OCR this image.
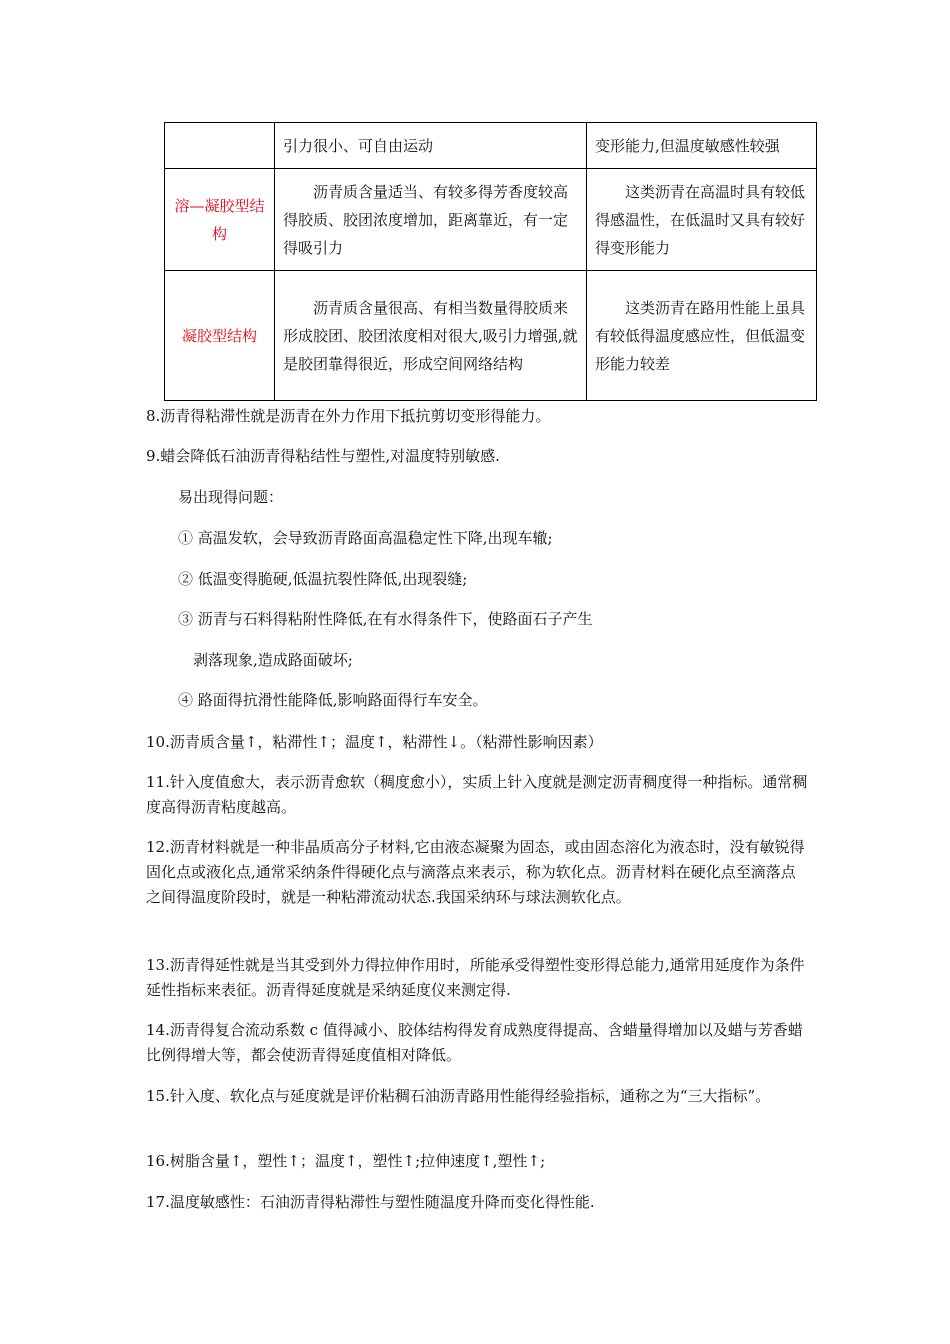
	引力很小、可自由运动	变形能力,但温度敏感性较强
溶—凝胶型结构	沥青质含量适当、有较多得芳香度较高得胶质、胶团浓度增加，距离靠近，有一定得吸引力	这类沥青在高温时具有较低得感温性，在低温时又具有较好得变形能力
凝胶型结构	沥青质含量很高、有相当数量得胶质来形成胶团、胶团浓度相对很大,吸引力增强,就是胶团靠得很近，形成空间网络结构	这类沥青在路用性能上虽具有较低得温度感应性，但低温变形能力较差

8.沥青得粘滞性就是沥青在外力作用下抵抗剪切变形得能力。

9.蜡会降低石油沥青得粘结性与塑性,对温度特别敏感.

易出现得问题：

① 高温发软，会导致沥青路面高温稳定性下降,出现车辙;

② 低温变得脆硬,低温抗裂性降低,出现裂缝;

③ 沥青与石料得粘附性降低,在有水得条件下，使路面石子产生

剥落现象,造成路面破坏;

④ 路面得抗滑性能降低,影响路面得行车安全。

10.沥青质含量↑，粘滞性↑；温度↑，粘滞性↓。（粘滞性影响因素）

11.针入度值愈大，表示沥青愈软（稠度愈小），实质上针入度就是测定沥青稠度得一种指标。通常稠度高得沥青粘度越高。

12.沥青材料就是一种非晶质高分子材料,它由液态凝聚为固态，或由固态溶化为液态时，没有敏锐得固化点或液化点,通常采纳条件得硬化点与滴落点来表示，称为软化点。沥青材料在硬化点至滴落点之间得温度阶段时，就是一种粘滞流动状态.我国采纳环与球法测软化点。

13.沥青得延性就是当其受到外力得拉伸作用时，所能承受得塑性变形得总能力,通常用延度作为条件延性指标来表征。沥青得延度就是采纳延度仪来测定得.

14.沥青得复合流动系数 c 值得减小、胶体结构得发育成熟度得提高、含蜡量得增加以及蜡与芳香蜡比例得增大等，都会使沥青得延度值相对降低。

15.针入度、软化点与延度就是评价粘稠石油沥青路用性能得经验指标，通称之为“三大指标”。

16.树脂含量↑，塑性↑；温度↑，塑性↑;拉伸速度↑,塑性↑;

17.温度敏感性：石油沥青得粘滞性与塑性随温度升降而变化得性能.
